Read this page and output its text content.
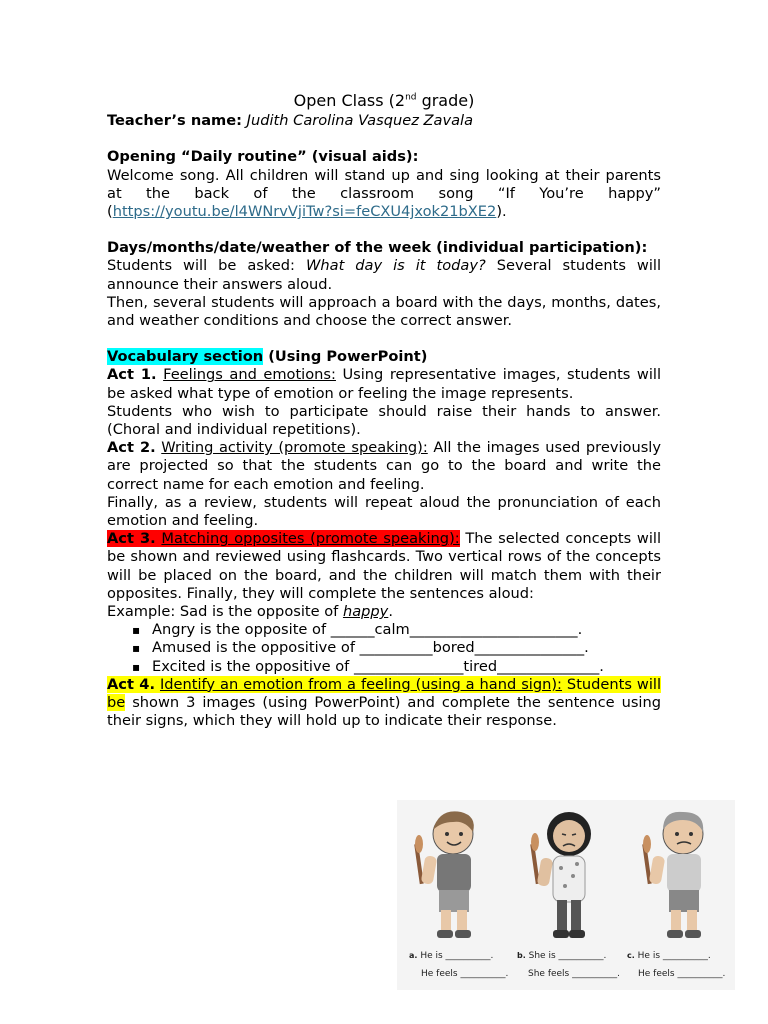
Open Class (2nd grade)

Teacher’s name: Judith Carolina Vasquez Zavala

Opening “Daily routine” (visual aids):

Welcome song. All children will stand up and sing looking at their parents at the back of the classroom song “If You’re happy” (https://youtu.be/l4WNrvVjiTw?si=feCXU4jxok21bXE2).

Days/months/date/weather of the week (individual participation):

Students will be asked: What day is it today? Several students will announce their answers aloud.

Then, several students will approach a board with the days, months, dates, and weather conditions and choose the correct answer.

Vocabulary section (Using PowerPoint)

Act 1. Feelings and emotions: Using representative images, students will be asked what type of emotion or feeling the image represents.

Students who wish to participate should raise their hands to answer. (Choral and individual repetitions).

Act 2. Writing activity (promote speaking): All the images used previously are projected so that the students can go to the board and write the correct name for each emotion and feeling.

Finally, as a review, students will repeat aloud the pronunciation of each emotion and feeling.

Act 3. Matching opposites (promote speaking): The selected concepts will be shown and reviewed using flashcards. Two vertical rows of the concepts will be placed on the board, and the children will match them with their opposites. Finally, they will complete the sentences aloud:

Example: Sad is the opposite of happy.

▪ Angry is the opposite of ______calm_______________________.
▪ Amused is the oppositive of __________bored_______________.
▪ Excited is the oppositive of _______________tired______________.

Act 4. Identify an emotion from a feeling (using a hand sign): Students will be shown 3 images (using PowerPoint) and complete the sentence using their signs, which they will hold up to indicate their response.

a. He is __________.
He feels __________.
b. She is __________.
She feels __________.
c. He is __________.
He feels __________.
